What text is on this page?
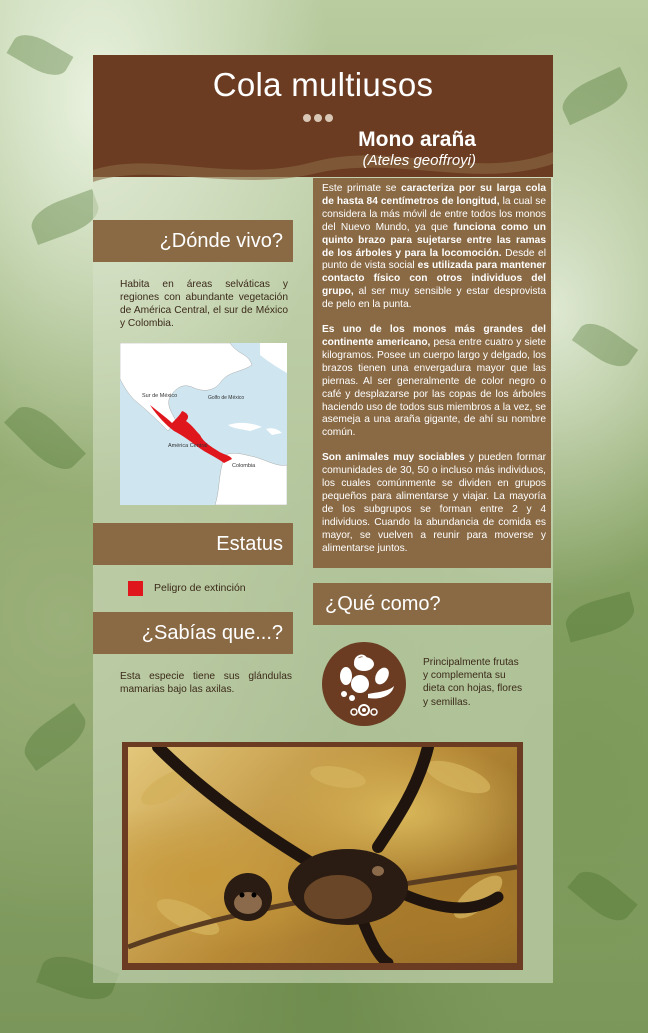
Cola multiusos
Mono araña
(Ateles geoffroyi)

Este primate se caracteriza por su larga cola de hasta 84 centímetros de longitud, la cual se considera la más móvil de entre todos los monos del Nuevo Mundo, ya que funciona como un quinto brazo para sujetarse entre las ramas de los árboles y para la locomoción. Desde el punto de vista social es utilizada para mantener contacto físico con otros individuos del grupo, al ser muy sensible y estar desprovista de pelo en la punta.

Es uno de los monos más grandes del continente americano, pesa entre cuatro y siete kilogramos. Posee un cuerpo largo y delgado, los brazos tienen una envergadura mayor que las piernas. Al ser generalmente de color negro o café y desplazarse por las copas de los árboles haciendo uso de todos sus miembros a la vez, se asemeja a una araña gigante, de ahí su nombre común.

Son animales muy sociables y pueden formar comunidades de 30, 50 o incluso más individuos, los cuales comúnmente se dividen en grupos pequeños para alimentarse y viajar. La mayoría de los subgrupos se forman entre 2 y 4 individuos. Cuando la abundancia de comida es mayor, se vuelven a reunir para moverse y alimentarse juntos.

¿Dónde vivo?
Habita en áreas selváticas y regiones con abundante vegetación de América Central, el sur de México y Colombia.
Sur de México	Golfo de México
América Central
Colombia
Estatus
Peligro de extinción
¿Sabías que...?
Esta especie tiene sus glándulas mamarias bajo las axilas.
¿Qué como?
Principalmente frutas y complementa su dieta con hojas, flores y semillas.
